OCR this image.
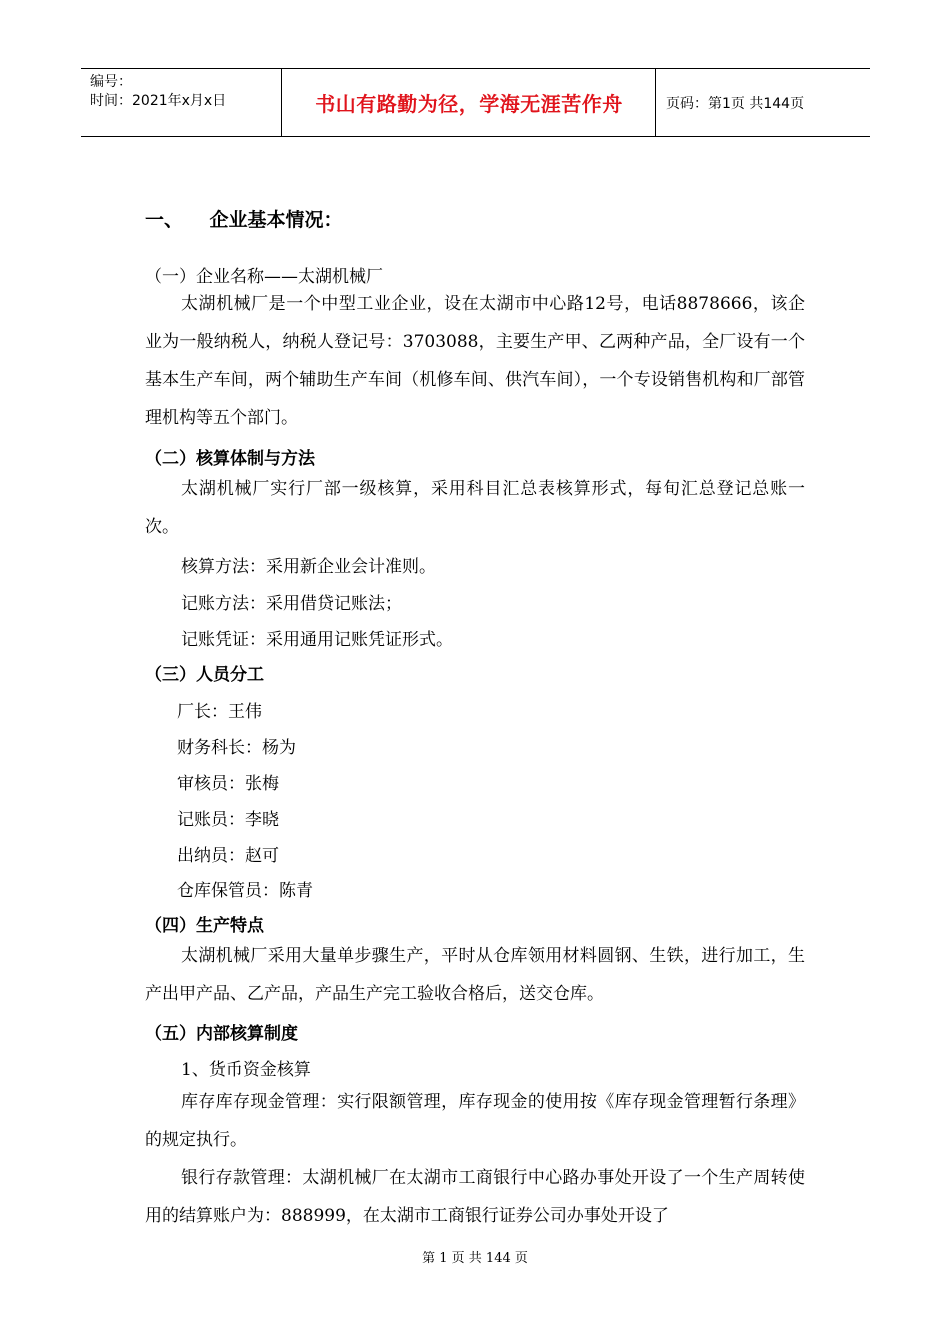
编号：
时间：2021年x月x日	书山有路勤为径，学海无涯苦作舟	页码：第1页 共144页
一、    企业基本情况：
（一）企业名称——太湖机械厂
太湖机械厂是一个中型工业企业，设在太湖市中心路12号，电话8878666，该企业为一般纳税人，纳税人登记号：3703088，主要生产甲、乙两种产品，全厂设有一个基本生产车间，两个辅助生产车间（机修车间、供汽车间），一个专设销售机构和厂部管理机构等五个部门。
（二）核算体制与方法
太湖机械厂实行厂部一级核算，采用科目汇总表核算形式，每旬汇总登记总账一次。
核算方法：采用新企业会计准则。
记账方法：采用借贷记账法；
记账凭证：采用通用记账凭证形式。
（三）人员分工
厂长：王伟
财务科长：杨为
审核员：张梅
记账员：李晓
出纳员：赵可
仓库保管员：陈青
（四）生产特点
太湖机械厂采用大量单步骤生产，平时从仓库领用材料圆钢、生铁，进行加工，生产出甲产品、乙产品，产品生产完工验收合格后，送交仓库。
（五）内部核算制度
1、货币资金核算
库存库存现金管理：实行限额管理，库存现金的使用按《库存现金管理暂行条理》的规定执行。
银行存款管理：太湖机械厂在太湖市工商银行中心路办事处开设了一个生产周转使用的结算账户为：888999，在太湖市工商银行证券公司办事处开设了
第 1 页 共 144 页
